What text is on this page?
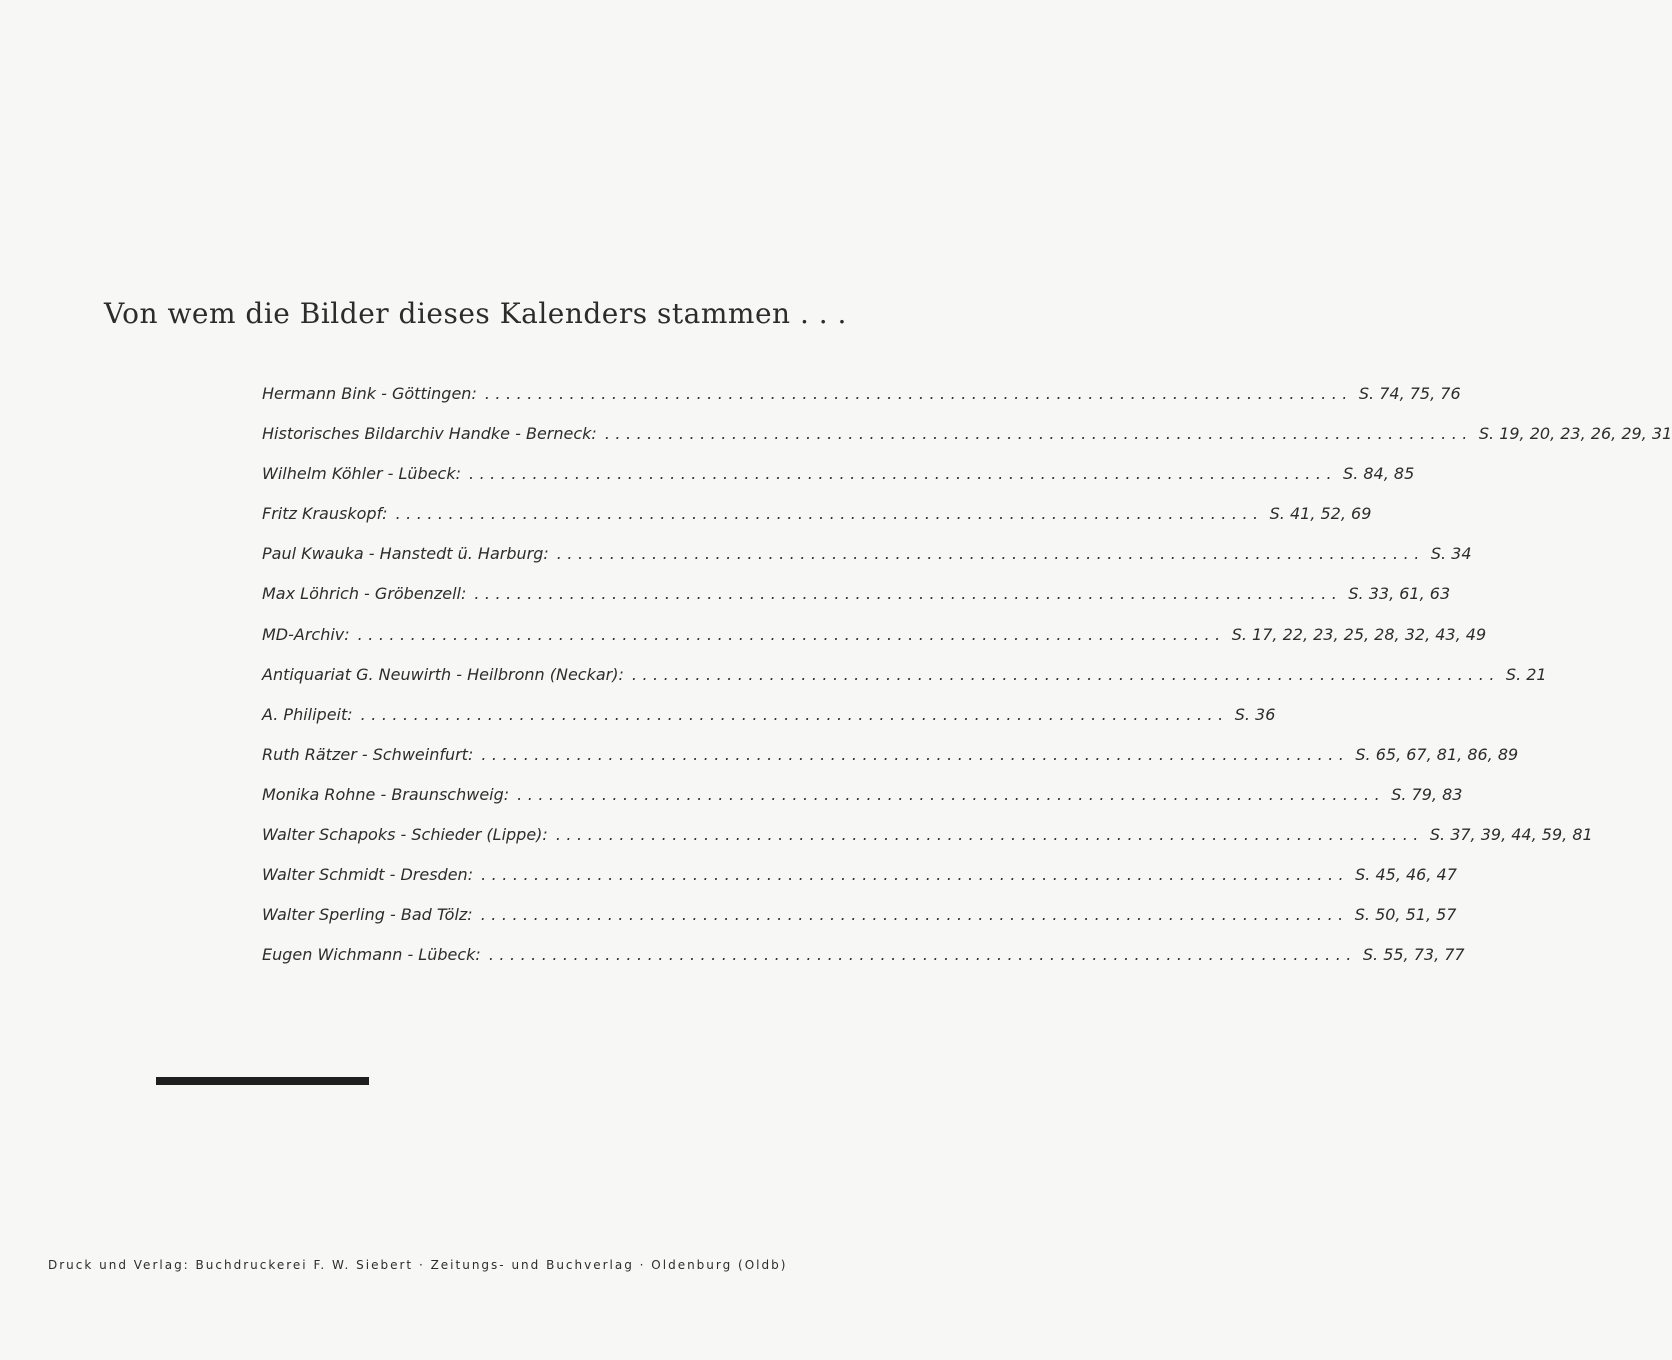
Von wem die Bilder dieses Kalenders stammen . . .
Hermann Bink - Göttingen: .................................................................................. S. 74, 75, 76
Historisches Bildarchiv Handke - Berneck: .................................................................................. S. 19, 20, 23, 26, 29, 31
Wilhelm Köhler - Lübeck: .................................................................................. S. 84, 85
Fritz Krauskopf: .................................................................................. S. 41, 52, 69
Paul Kwauka - Hanstedt ü. Harburg: .................................................................................. S. 34
Max Löhrich - Gröbenzell: .................................................................................. S. 33, 61, 63
MD-Archiv: .................................................................................. S. 17, 22, 23, 25, 28, 32, 43, 49
Antiquariat G. Neuwirth - Heilbronn (Neckar): .................................................................................. S. 21
A. Philipeit: .................................................................................. S. 36
Ruth Rätzer - Schweinfurt: .................................................................................. S. 65, 67, 81, 86, 89
Monika Rohne - Braunschweig: .................................................................................. S. 79, 83
Walter Schapoks - Schieder (Lippe): .................................................................................. S. 37, 39, 44, 59, 81
Walter Schmidt - Dresden: .................................................................................. S. 45, 46, 47
Walter Sperling - Bad Tölz: .................................................................................. S. 50, 51, 57
Eugen Wichmann - Lübeck: .................................................................................. S. 55, 73, 77
Druck und Verlag: Buchdruckerei F. W. Siebert · Zeitungs- und Buchverlag · Oldenburg (Oldb)
